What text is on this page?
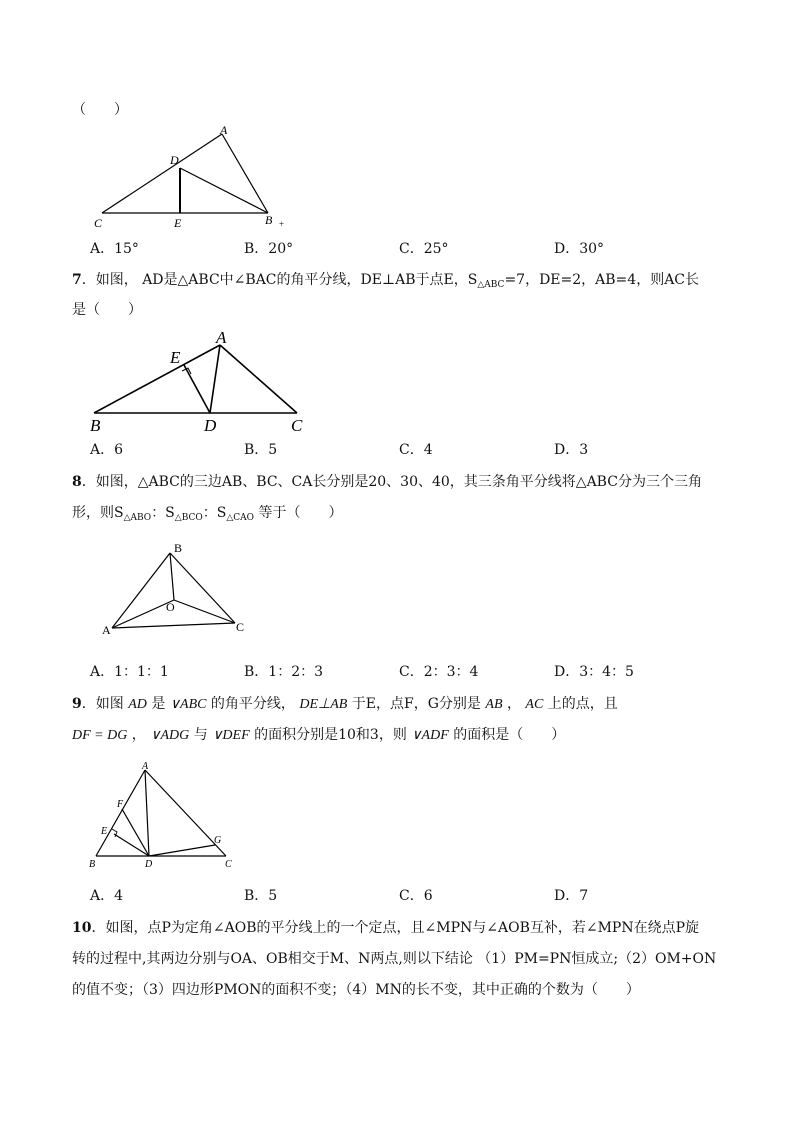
（　　）
A
D
C	E	B +
A．15°	B．20°	C．25°	D．30°
7．如图， AD是△ABC中∠BAC的角平分线，DE⊥AB于点E，$S_{\triangle ABC}=7$，DE=2，AB=4，则AC长
是（　　）
A
E
B	D	C
A．6	B．5	C．4	D．3
8．如图，△ABC的三边AB、BC、CA长分别是20、30、40，其三条角平分线将△ABC分为三个三角
形，则$S_{\triangle ABO}$：$S_{\triangle BCO}$：$S_{\triangle CAO}$ 等于（　　）
B
O
A	C
A．1：1：1	B．1：2：3	C．2：3：4	D．3：4：5
9．如图 AD 是 ∨ABC 的角平分线， DE⊥AB 于E，点F，G分别是 AB ， AC 上的点，且
DF = DG ， ∨ADG 与 ∨DEF 的面积分别是10和3，则 ∨ADF 的面积是（　　）
A
F
E
B	D
G
C
A．4	B．5	C．6	D．7
10．如图，点P为定角∠AOB的平分线上的一个定点，且∠MPN与∠AOB互补，若∠MPN在绕点P旋
转的过程中,其两边分别与OA、OB相交于M、N两点,则以下结论 （1）PM=PN恒成立;（2）OM+ON
的值不变；（3）四边形PMON的面积不变；（4）MN的长不变，其中正确的个数为（　　）
